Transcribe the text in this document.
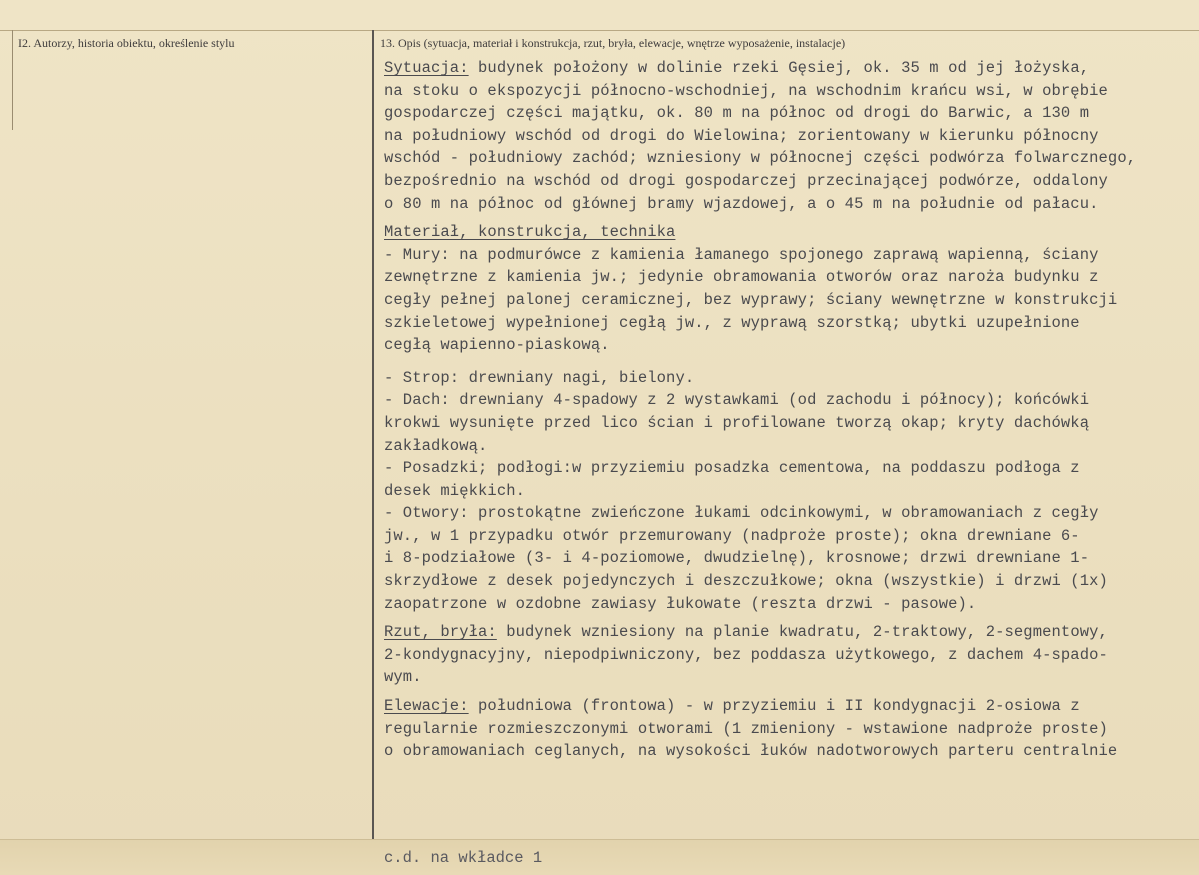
I2. Autorzy, historia obiektu, określenie stylu	13. Opis (sytuacja, materiał i konstrukcja, rzut, bryła, elewacje, wnętrze wyposażenie, instalacje)
Sytuacja: budynek położony w dolinie rzeki Gęsiej, ok. 35 m od jej łożyska,
na stoku o ekspozycji północno-wschodniej, na wschodnim krańcu wsi, w obrębie
gospodarczej części majątku, ok. 80 m na północ od drogi do Barwic, a 130 m
na południowy wschód od drogi do Wielowina; zorientowany w kierunku północny
wschód - południowy zachód; wzniesiony w północnej części podwórza folwarcznego,
bezpośrednio na wschód od drogi gospodarczej przecinającej podwórze, oddalony
o 80 m na północ od głównej bramy wjazdowej, a o 45 m na południe od pałacu.
Materiał, konstrukcja, technika
- Mury: na podmurówce z kamienia łamanego spojonego zaprawą wapienną, ściany
zewnętrzne z kamienia jw.; jedynie obramowania otworów oraz naroża budynku z
cegły pełnej palonej ceramicznej, bez wyprawy; ściany wewnętrzne w konstrukcji
szkieletowej wypełnionej cegłą jw., z wyprawą szorstką; ubytki uzupełnione
cegłą wapienno-piaskową.
- Strop: drewniany nagi, bielony.
- Dach: drewniany 4-spadowy z 2 wystawkami (od zachodu i północy); końcówki
krokwi wysunięte przed lico ścian i profilowane tworzą okap; kryty dachówką
zakładkową.
- Posadzki; podłogi:w przyziemiu posadzka cementowa, na poddaszu podłoga z
desek miękkich.
- Otwory: prostokątne zwieńczone łukami odcinkowymi, w obramowaniach z cegły
jw., w 1 przypadku otwór przemurowany (nadproże proste); okna drewniane 6-
i 8-podziałowe (3- i 4-poziomowe, dwudzielnę), krosnowe; drzwi drewniane 1-
skrzydłowe z desek pojedynczych i deszczułkowe; okna (wszystkie) i drzwi (1x)
zaopatrzone w ozdobne zawiasy łukowate (reszta drzwi - pasowe).
Rzut, bryła: budynek wzniesiony na planie kwadratu, 2-traktowy, 2-segmentowy,
2-kondygnacyjny, niepodpiwniczony, bez poddasza użytkowego, z dachem 4-spado-
wym.
Elewacje: południowa (frontowa) - w przyziemiu i II kondygnacji 2-osiowa z
regularnie rozmieszczonymi otworami (1 zmieniony - wstawione nadproże proste)
o obramowaniach ceglanych, na wysokości łuków nadotworowych parteru centralnie
c.d. na wkładce 1
